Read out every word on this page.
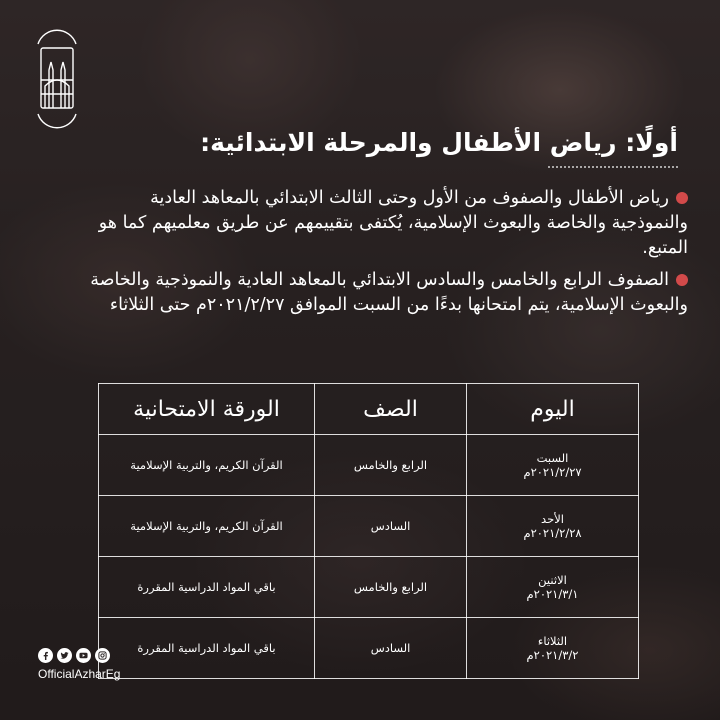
أولًا: رياض الأطفال والمرحلة الابتدائية:
رياض الأطفال والصفوف من الأول وحتى الثالث الابتدائي بالمعاهد العادية والنموذجية والخاصة والبعوث الإسلامية، يُكتفى بتقييمهم عن طريق معلميهم كما هو المتبع.
الصفوف الرابع والخامس والسادس الابتدائي بالمعاهد العادية والنموذجية والخاصة والبعوث الإسلامية، يتم امتحانها بدءًا من السبت الموافق ٢٠٢١/٢/٢٧م حتى الثلاثاء
اليوم	الصف	الورقة الامتحانية

السبت
٢٠٢١/٢/٢٧م	الرابع والخامس	القرآن الكريم، والتربية الإسلامية

الأحد
٢٠٢١/٢/٢٨م	السادس	القرآن الكريم، والتربية الإسلامية

الاثنين
٢٠٢١/٣/١م	الرابع والخامس	باقي المواد الدراسية المقررة

الثلاثاء
٢٠٢١/٣/٢م	السادس	باقي المواد الدراسية المقررة
OfficialAzharEg
